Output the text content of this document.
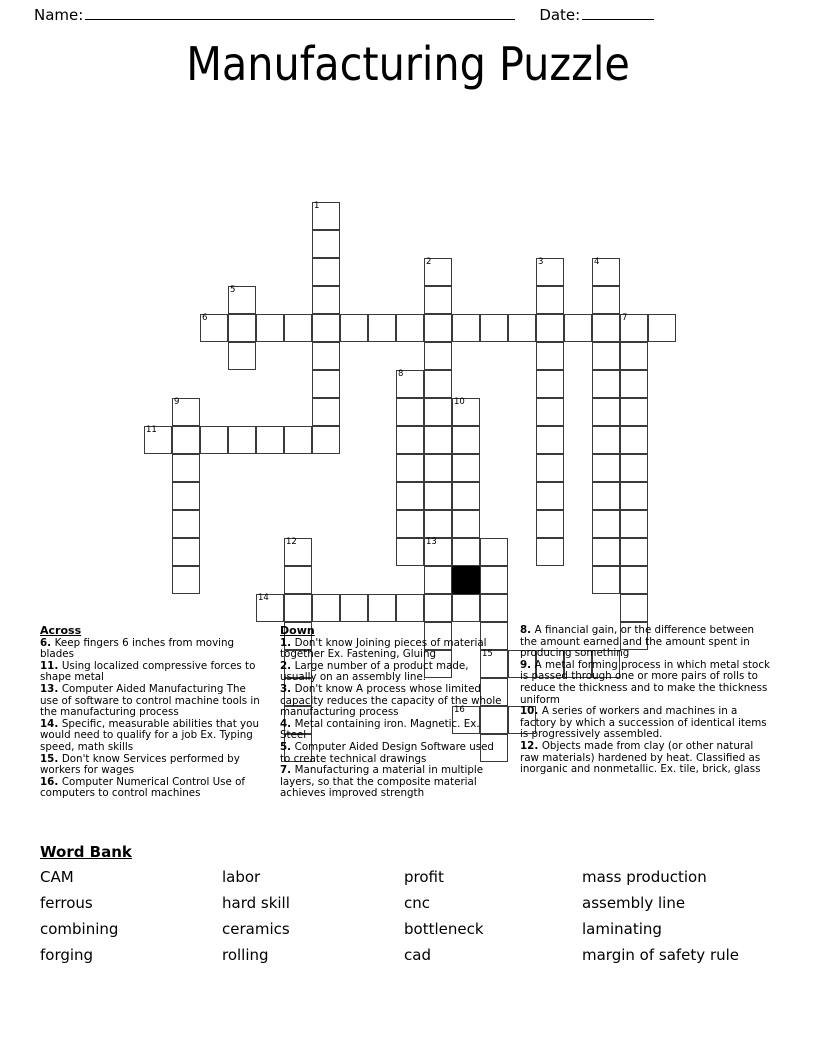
Name:	Date:
Manufacturing Puzzle
1
2	3	4
5
6	7
8
9	10
11
12	13
14
15
16
Across
6. Keep fingers 6 inches from moving blades
11. Using localized compressive forces to shape metal
13. Computer Aided Manufacturing The use of software to control machine tools in the manufacturing process
14. Specific, measurable abilities that you would need to qualify for a job Ex. Typing speed, math skills
15. Don't know Services performed by workers for wages
16. Computer Numerical Control Use of computers to control machines
Down
1. Don't know Joining pieces of material together Ex. Fastening, Gluing
2. Large number of a product made, usually on an assembly line.
3. Don't know A process whose limited capacity reduces the capacity of the whole manufacturing process
4. Metal containing iron. Magnetic. Ex. Steel
5. Computer Aided Design Software used to create technical drawings
7. Manufacturing a material in multiple layers, so that the composite material achieves improved strength
8. A financial gain, or the difference between the amount earned and the amount spent in producing something
9. A metal forming process in which metal stock is passed through one or more pairs of rolls to reduce the thickness and to make the thickness uniform
10. A series of workers and machines in a factory by which a succession of identical items is progressively assembled.
12. Objects made from clay (or other natural raw materials) hardened by heat. Classified as inorganic and nonmetallic. Ex. tile, brick, glass
Word Bank
CAM	labor	profit	mass production
ferrous	hard skill	cnc	assembly line
combining	ceramics	bottleneck	laminating
forging	rolling	cad	margin of safety rule
